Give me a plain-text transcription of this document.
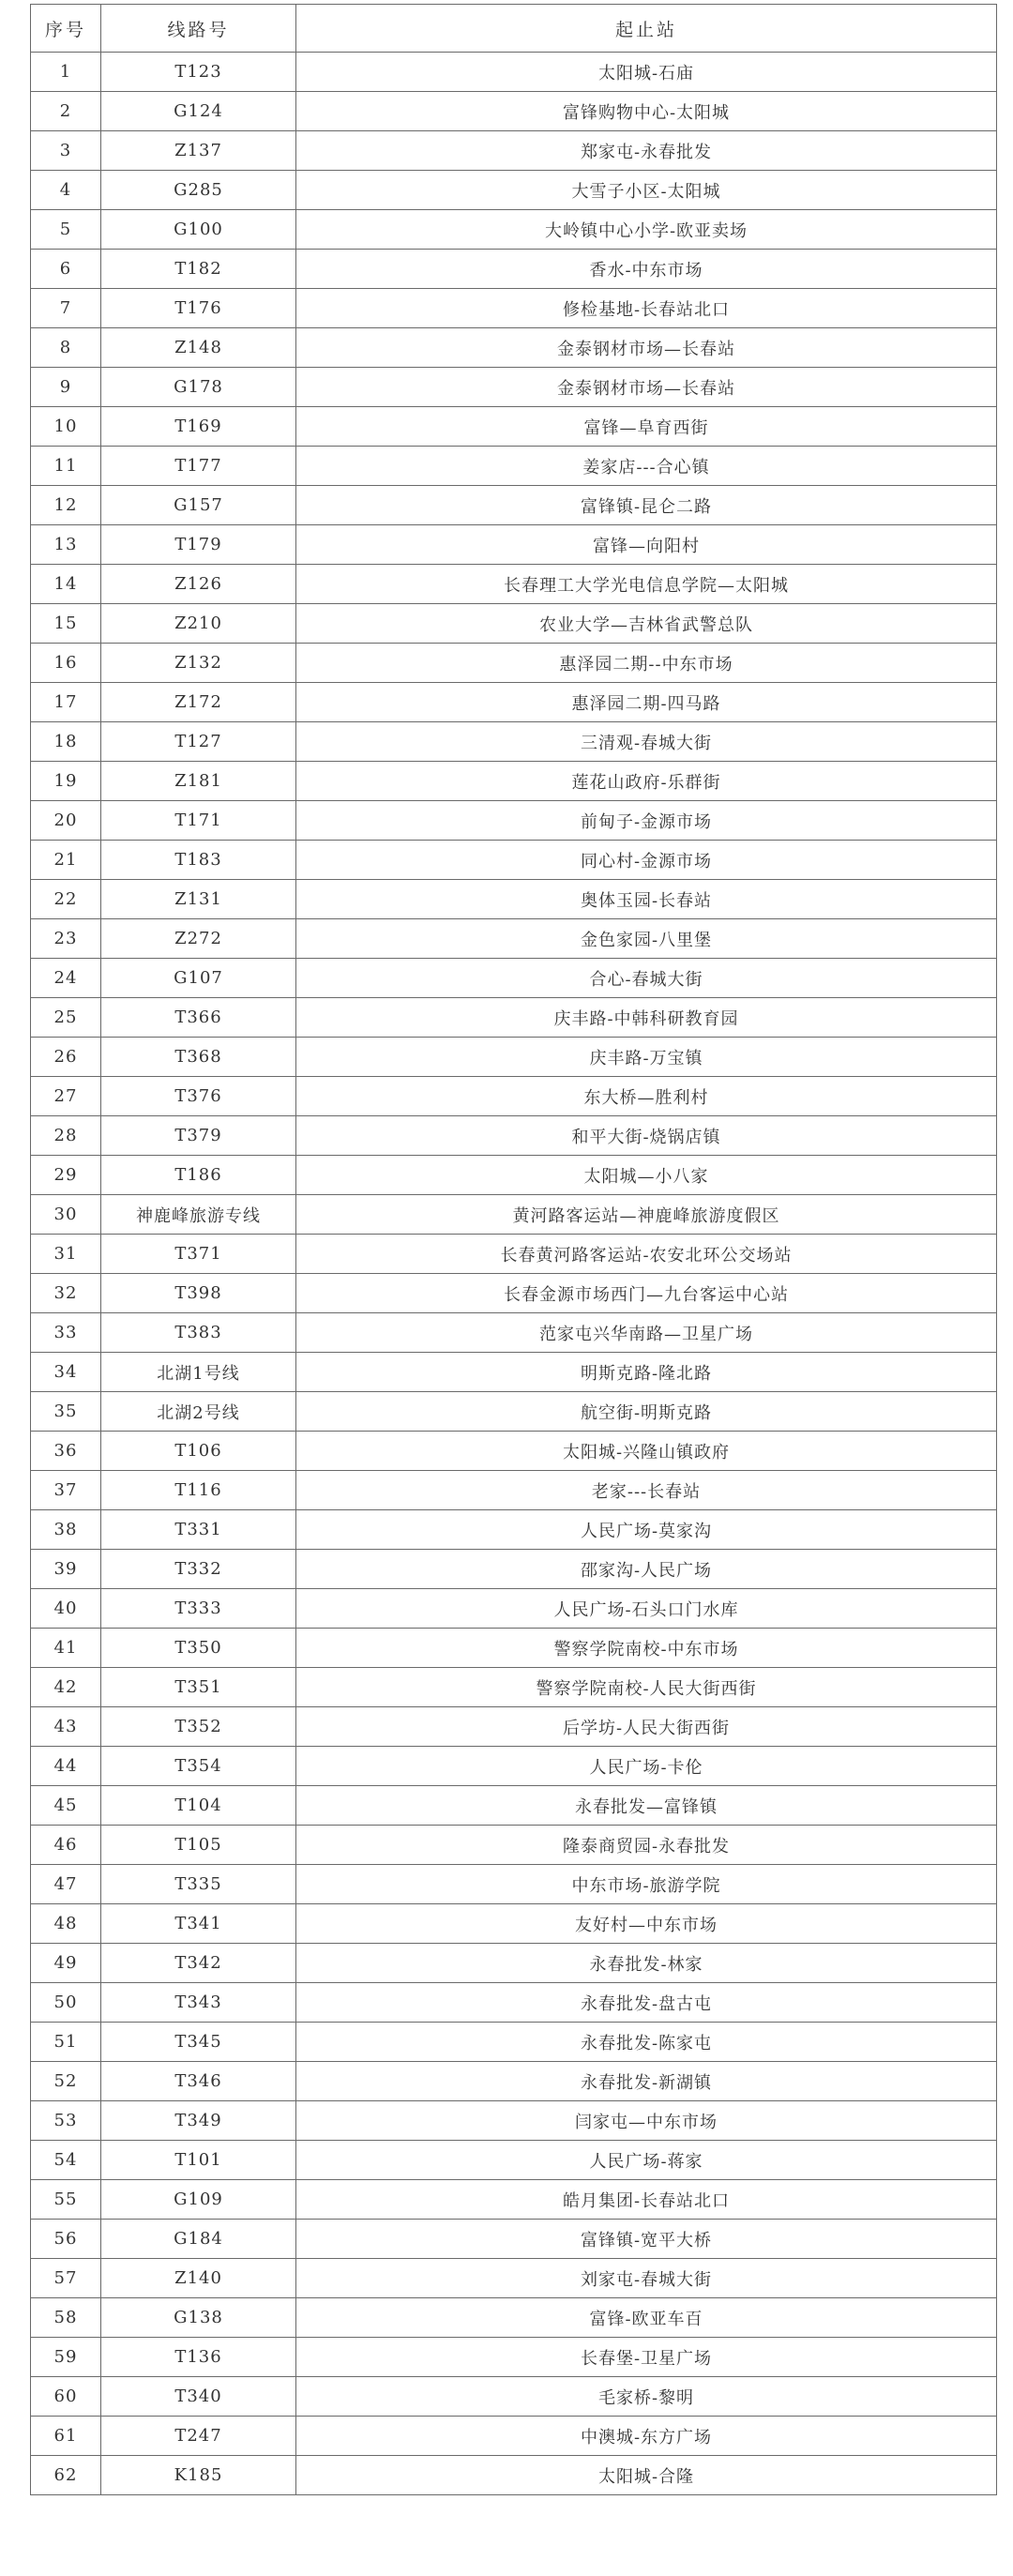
序号	线路号	起止站
1	T123	太阳城-石庙
2	G124	富锋购物中心-太阳城
3	Z137	郑家屯-永春批发
4	G285	大雪子小区-太阳城
5	G100	大岭镇中心小学-欧亚卖场
6	T182	香水-中东市场
7	T176	修检基地-长春站北口
8	Z148	金泰钢材市场—长春站
9	G178	金泰钢材市场—长春站
10	T169	富锋—阜育西街
11	T177	姜家店---合心镇
12	G157	富锋镇-昆仑二路
13	T179	富锋—向阳村
14	Z126	长春理工大学光电信息学院—太阳城
15	Z210	农业大学—吉林省武警总队
16	Z132	惠泽园二期--中东市场
17	Z172	惠泽园二期-四马路
18	T127	三清观-春城大街
19	Z181	莲花山政府-乐群街
20	T171	前甸子-金源市场
21	T183	同心村-金源市场
22	Z131	奥体玉园-长春站
23	Z272	金色家园-八里堡
24	G107	合心-春城大街
25	T366	庆丰路-中韩科研教育园
26	T368	庆丰路-万宝镇
27	T376	东大桥—胜利村
28	T379	和平大街-烧锅店镇
29	T186	太阳城—小八家
30	神鹿峰旅游专线	黄河路客运站—神鹿峰旅游度假区
31	T371	长春黄河路客运站-农安北环公交场站
32	T398	长春金源市场西门—九台客运中心站
33	T383	范家屯兴华南路—卫星广场
34	北湖1号线	明斯克路-隆北路
35	北湖2号线	航空街-明斯克路
36	T106	太阳城-兴隆山镇政府
37	T116	老家---长春站
38	T331	人民广场-莫家沟
39	T332	邵家沟-人民广场
40	T333	人民广场-石头口门水库
41	T350	警察学院南校-中东市场
42	T351	警察学院南校-人民大街西街
43	T352	后学坊-人民大街西街
44	T354	人民广场-卡伦
45	T104	永春批发—富锋镇
46	T105	隆泰商贸园-永春批发
47	T335	中东市场-旅游学院
48	T341	友好村—中东市场
49	T342	永春批发-林家
50	T343	永春批发-盘古屯
51	T345	永春批发-陈家屯
52	T346	永春批发-新湖镇
53	T349	闫家屯—中东市场
54	T101	人民广场-蒋家
55	G109	皓月集团-长春站北口
56	G184	富锋镇-宽平大桥
57	Z140	刘家屯-春城大街
58	G138	富锋-欧亚车百
59	T136	长春堡-卫星广场
60	T340	毛家桥-黎明
61	T247	中澳城-东方广场
62	K185	太阳城-合隆
